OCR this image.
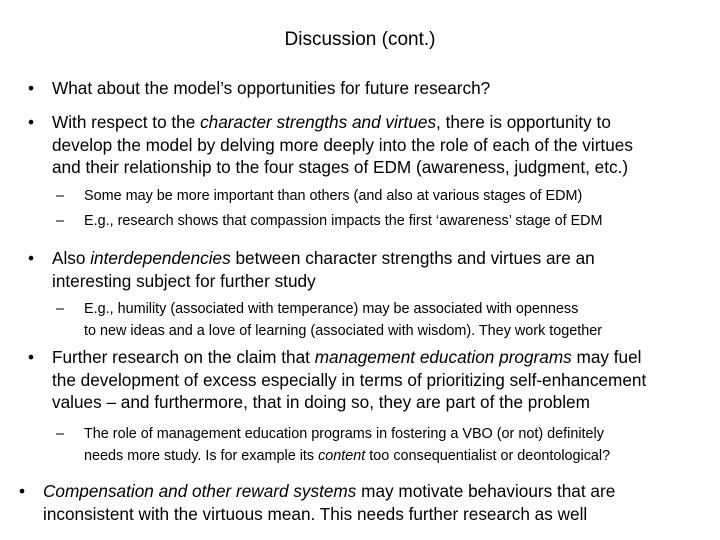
Discussion (cont.)
•	What about the model’s opportunities for future research?
•	With respect to the character strengths and virtues, there is opportunity to
develop the model by delving more deeply into the role of each of the virtues
and their relationship to the four stages of EDM (awareness, judgment, etc.)
– Some may be more important than others (and also at various stages of EDM)
– E.g., research shows that compassion impacts the first ‘awareness’ stage of EDM
•	Also interdependencies between character strengths and virtues are an
interesting subject for further study
– E.g., humility (associated with temperance) may be associated with openness
to new ideas and a love of learning (associated with wisdom). They work together
•	Further research on the claim that management education programs may fuel
the development of excess especially in terms of prioritizing self-enhancement
values – and furthermore, that in doing so, they are part of the problem
– The role of management education programs in fostering a VBO (or not) definitely
needs more study. Is for example its content too consequentialist or deontological?
•	Compensation and other reward systems may motivate behaviours that are
inconsistent with the virtuous mean. This needs further research as well
